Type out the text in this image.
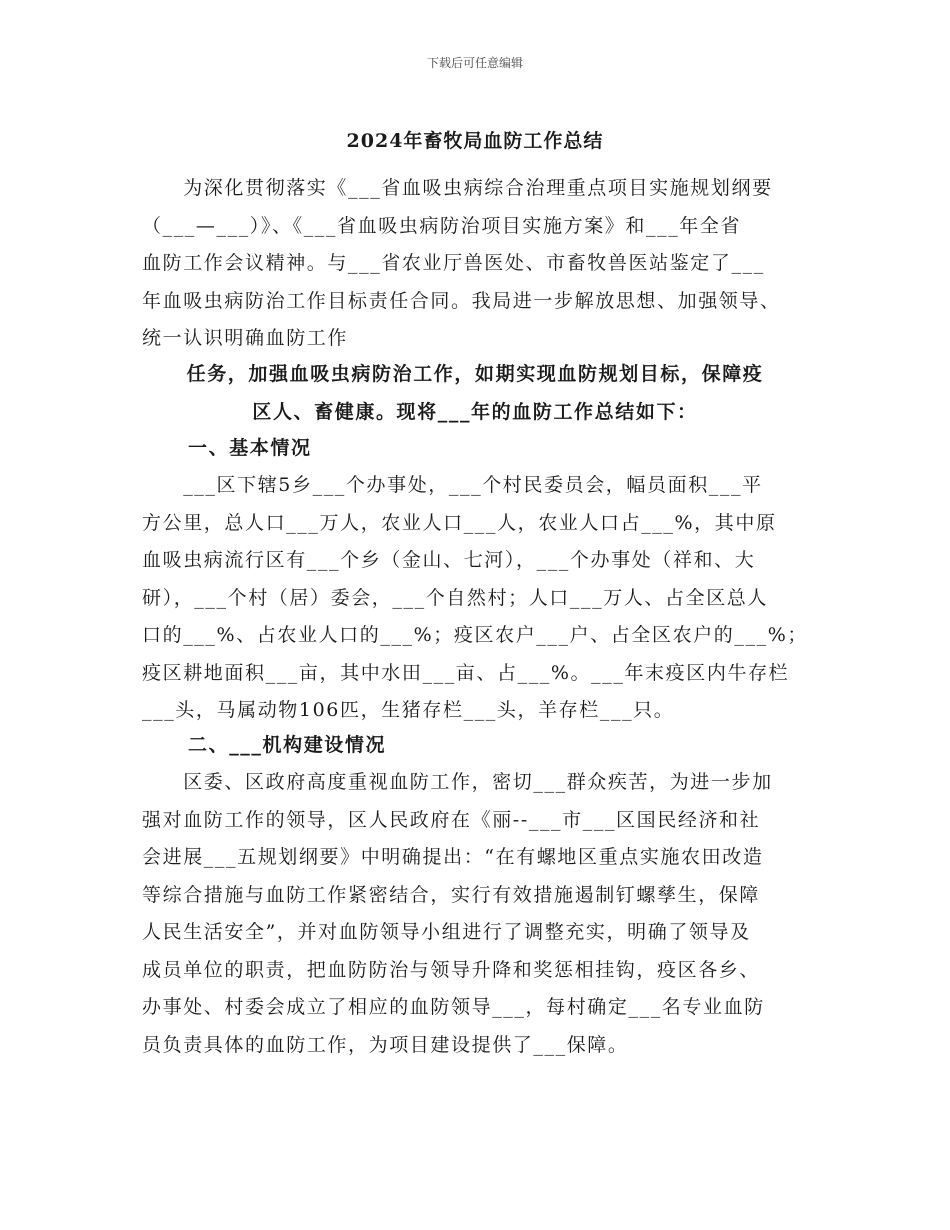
下载后可任意编辑
2024年畜牧局血防工作总结
　　为深化贯彻落实《___省血吸虫病综合治理重点项目实施规划纲要
（___—___）》、《___省血吸虫病防治项目实施方案》和___年全省
血防工作会议精神。与___省农业厅兽医处、市畜牧兽医站鉴定了___
年血吸虫病防治工作目标责任合同。我局进一步解放思想、加强领导、
统一认识明确血防工作
任务，加强血吸虫病防治工作，如期实现血防规划目标，保障疫
区人、畜健康。现将___年的血防工作总结如下：
一、基本情况
　　___区下辖5乡___个办事处，___个村民委员会，幅员面积___平
方公里，总人口___万人，农业人口___人，农业人口占___%，其中原
血吸虫病流行区有___个乡（金山、七河），___个办事处（祥和、大
研），___个村（居）委会，___个自然村；人口___万人、占全区总人
口的___%、占农业人口的___%；疫区农户___户、占全区农户的___%；
疫区耕地面积___亩，其中水田___亩、占___%。___年末疫区内牛存栏
___头，马属动物106匹，生猪存栏___头，羊存栏___只。
二、___机构建设情况
　　区委、区政府高度重视血防工作，密切___群众疾苦，为进一步加
强对血防工作的领导，区人民政府在《丽--___市___区国民经济和社
会进展___五规划纲要》中明确提出：“在有螺地区重点实施农田改造
等综合措施与血防工作紧密结合，实行有效措施遏制钉螺孳生，保障
人民生活安全”，并对血防领导小组进行了调整充实，明确了领导及
成员单位的职责，把血防防治与领导升降和奖惩相挂钩，疫区各乡、
办事处、村委会成立了相应的血防领导___，每村确定___名专业血防
员负责具体的血防工作，为项目建设提供了___保障。
